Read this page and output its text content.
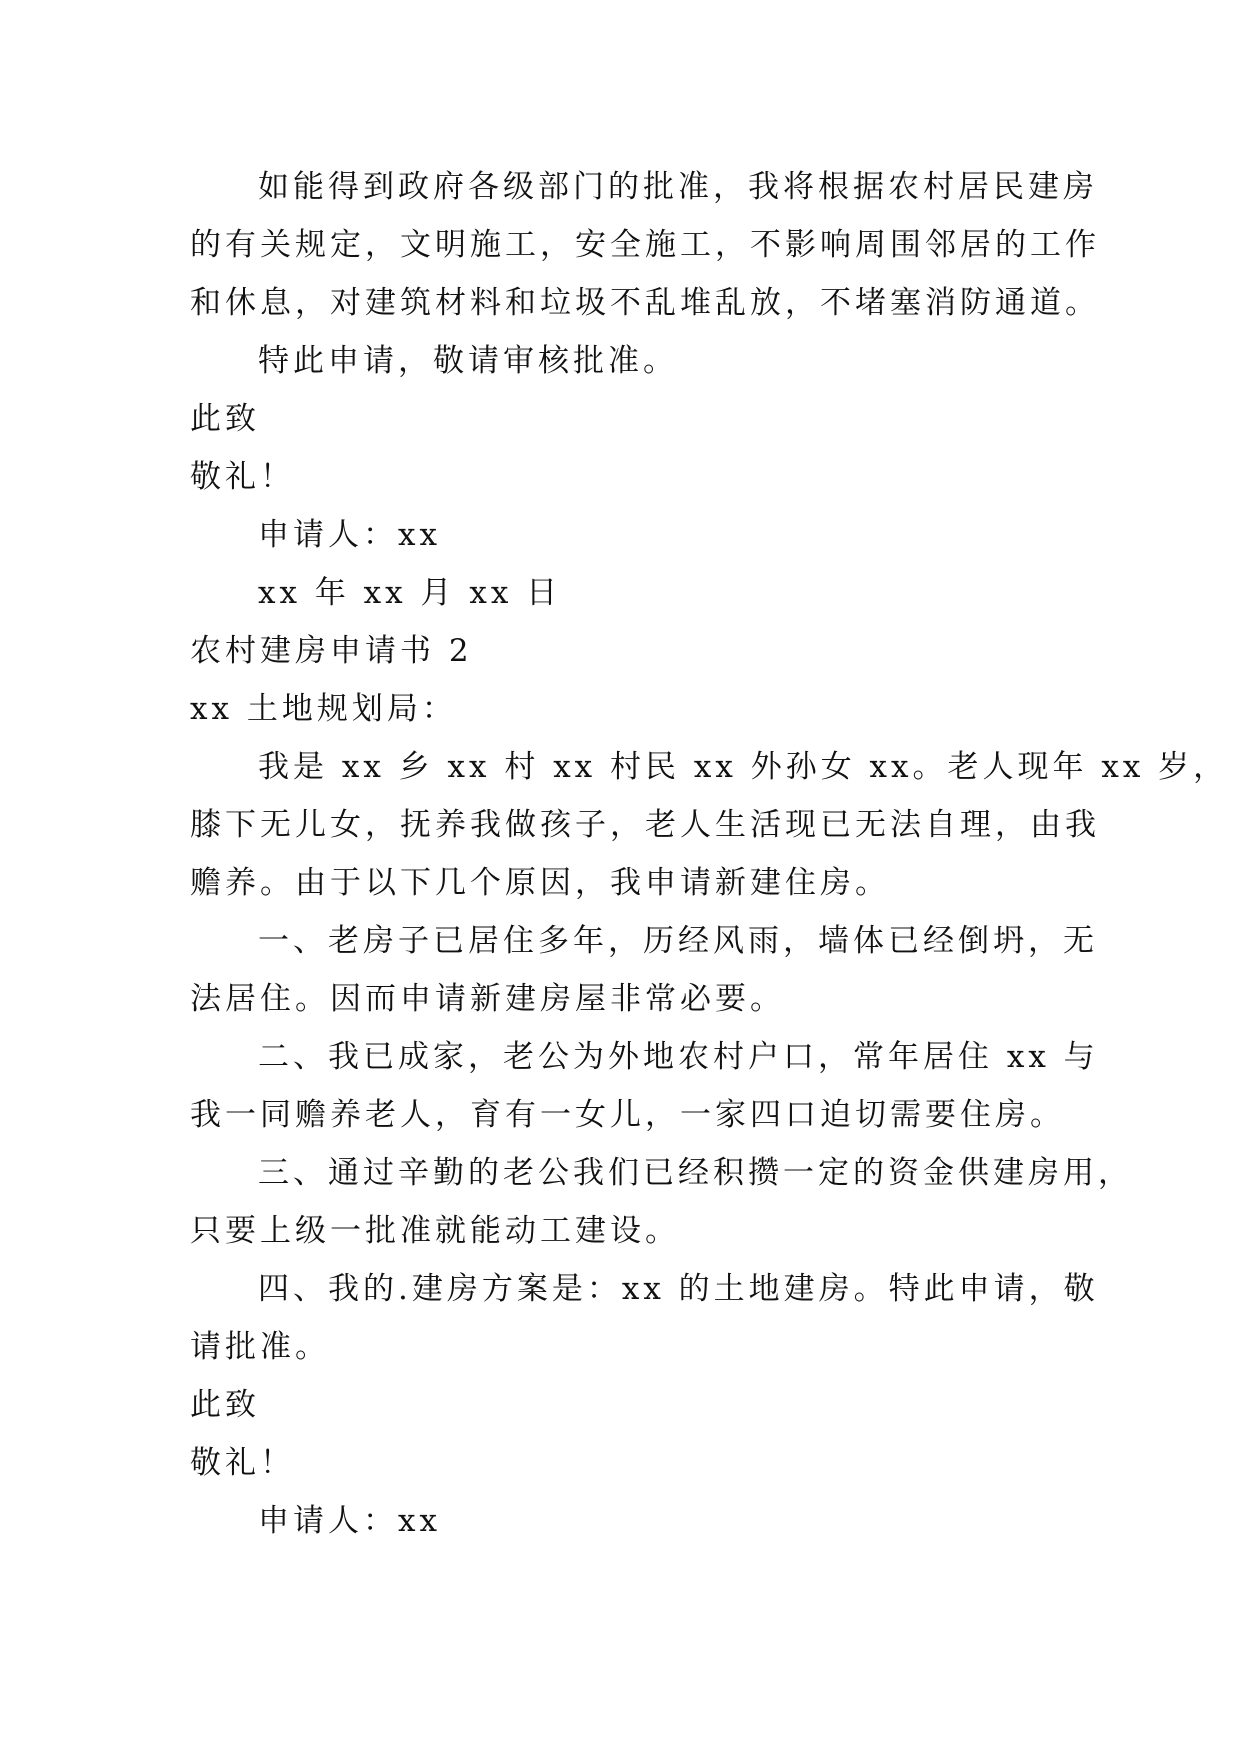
如能得到政府各级部门的批准，我将根据农村居民建房
的有关规定，文明施工，安全施工，不影响周围邻居的工作
和休息，对建筑材料和垃圾不乱堆乱放，不堵塞消防通道。
特此申请，敬请审核批准。
此致
敬礼！
申请人：xx
xx 年 xx 月 xx 日
农村建房申请书 2
xx 土地规划局：
我是 xx 乡 xx 村 xx 村民 xx 外孙女 xx。老人现年 xx 岁，
膝下无儿女，抚养我做孩子，老人生活现已无法自理，由我
赡养。由于以下几个原因，我申请新建住房。
一、老房子已居住多年，历经风雨，墙体已经倒坍，无
法居住。因而申请新建房屋非常必要。
二、我已成家，老公为外地农村户口，常年居住 xx 与
我一同赡养老人，育有一女儿，一家四口迫切需要住房。
三、通过辛勤的老公我们已经积攒一定的资金供建房用，
只要上级一批准就能动工建设。
四、我的.建房方案是：xx 的土地建房。特此申请，敬
请批准。
此致
敬礼！
申请人：xx
